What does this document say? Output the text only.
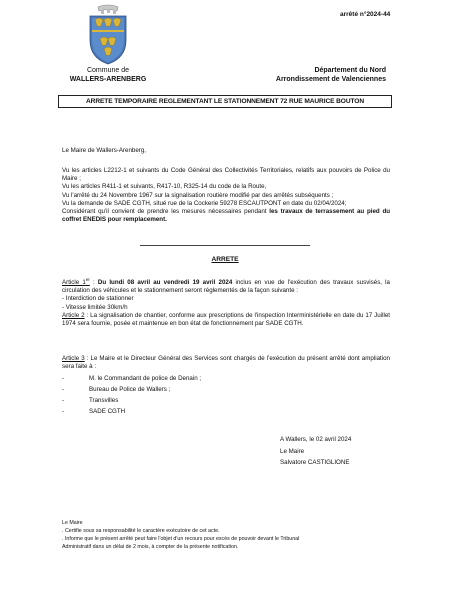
arrêté n°2024-44
Commune de
WALLERS-ARENBERG
Département du Nord
Arrondissement de Valenciennes
ARRETE TEMPORAIRE REGLEMENTANT LE STATIONNEMENT 72 RUE MAURICE BOUTON
Le Maire de Wallers-Arenberg,
Vu les articles L2212-1 et suivants du Code Général des Collectivités Territoriales, relatifs aux pouvoirs de Police du Maire ;
Vu les articles R411-1 et suivants, R417-10, R325-14 du code de la Route,
Vu l'arrêté du 24 Novembre 1967 sur la signalisation routière modifié par des arrêtés subséquents ;
Vu la demande de SADE CGTH, situé rue de la Cockerie 59278 ESCAUTPONT en date du 02/04/2024;
Considérant qu'il convient de prendre les mesures nécessaires pendant les travaux de terrassement au pied du coffret ENEDIS pour remplacement.
ARRETE
Article 1er : Du lundi 08 avril au vendredi 19 avril 2024 inclus en vue de l'exécution des travaux susvisés, la circulation des véhicules et le stationnement seront réglementés de la façon suivante :
- Interdiction de stationner
- Vitesse limitée 30km/h
Article 2 : La signalisation de chantier, conforme aux prescriptions de l'inspection Interministérielle en date du 17 Juillet 1974 sera fournie, posée et maintenue en bon état de fonctionnement par SADE CGTH.
Article 3 : Le Maire et le Directeur Général des Services sont chargés de l'exécution du présent arrêté dont ampliation sera faite à :
-	M. le Commandant de police de Denain ;
-	Bureau de Police de Wallers ;
-	Transvilles
-	SADE CGTH
A Wallers, le 02 avril 2024
Le Maire
Salvatore CASTIGLIONE
Le Maire
. Certifie sous sa responsabilité le caractère exécutoire de cet acte.
. Informe que le présent arrêté peut faire l'objet d'un recours pour excès de pouvoir devant le Tribunal
Administratif dans un délai de 2 mois, à compter de la présente notification.
